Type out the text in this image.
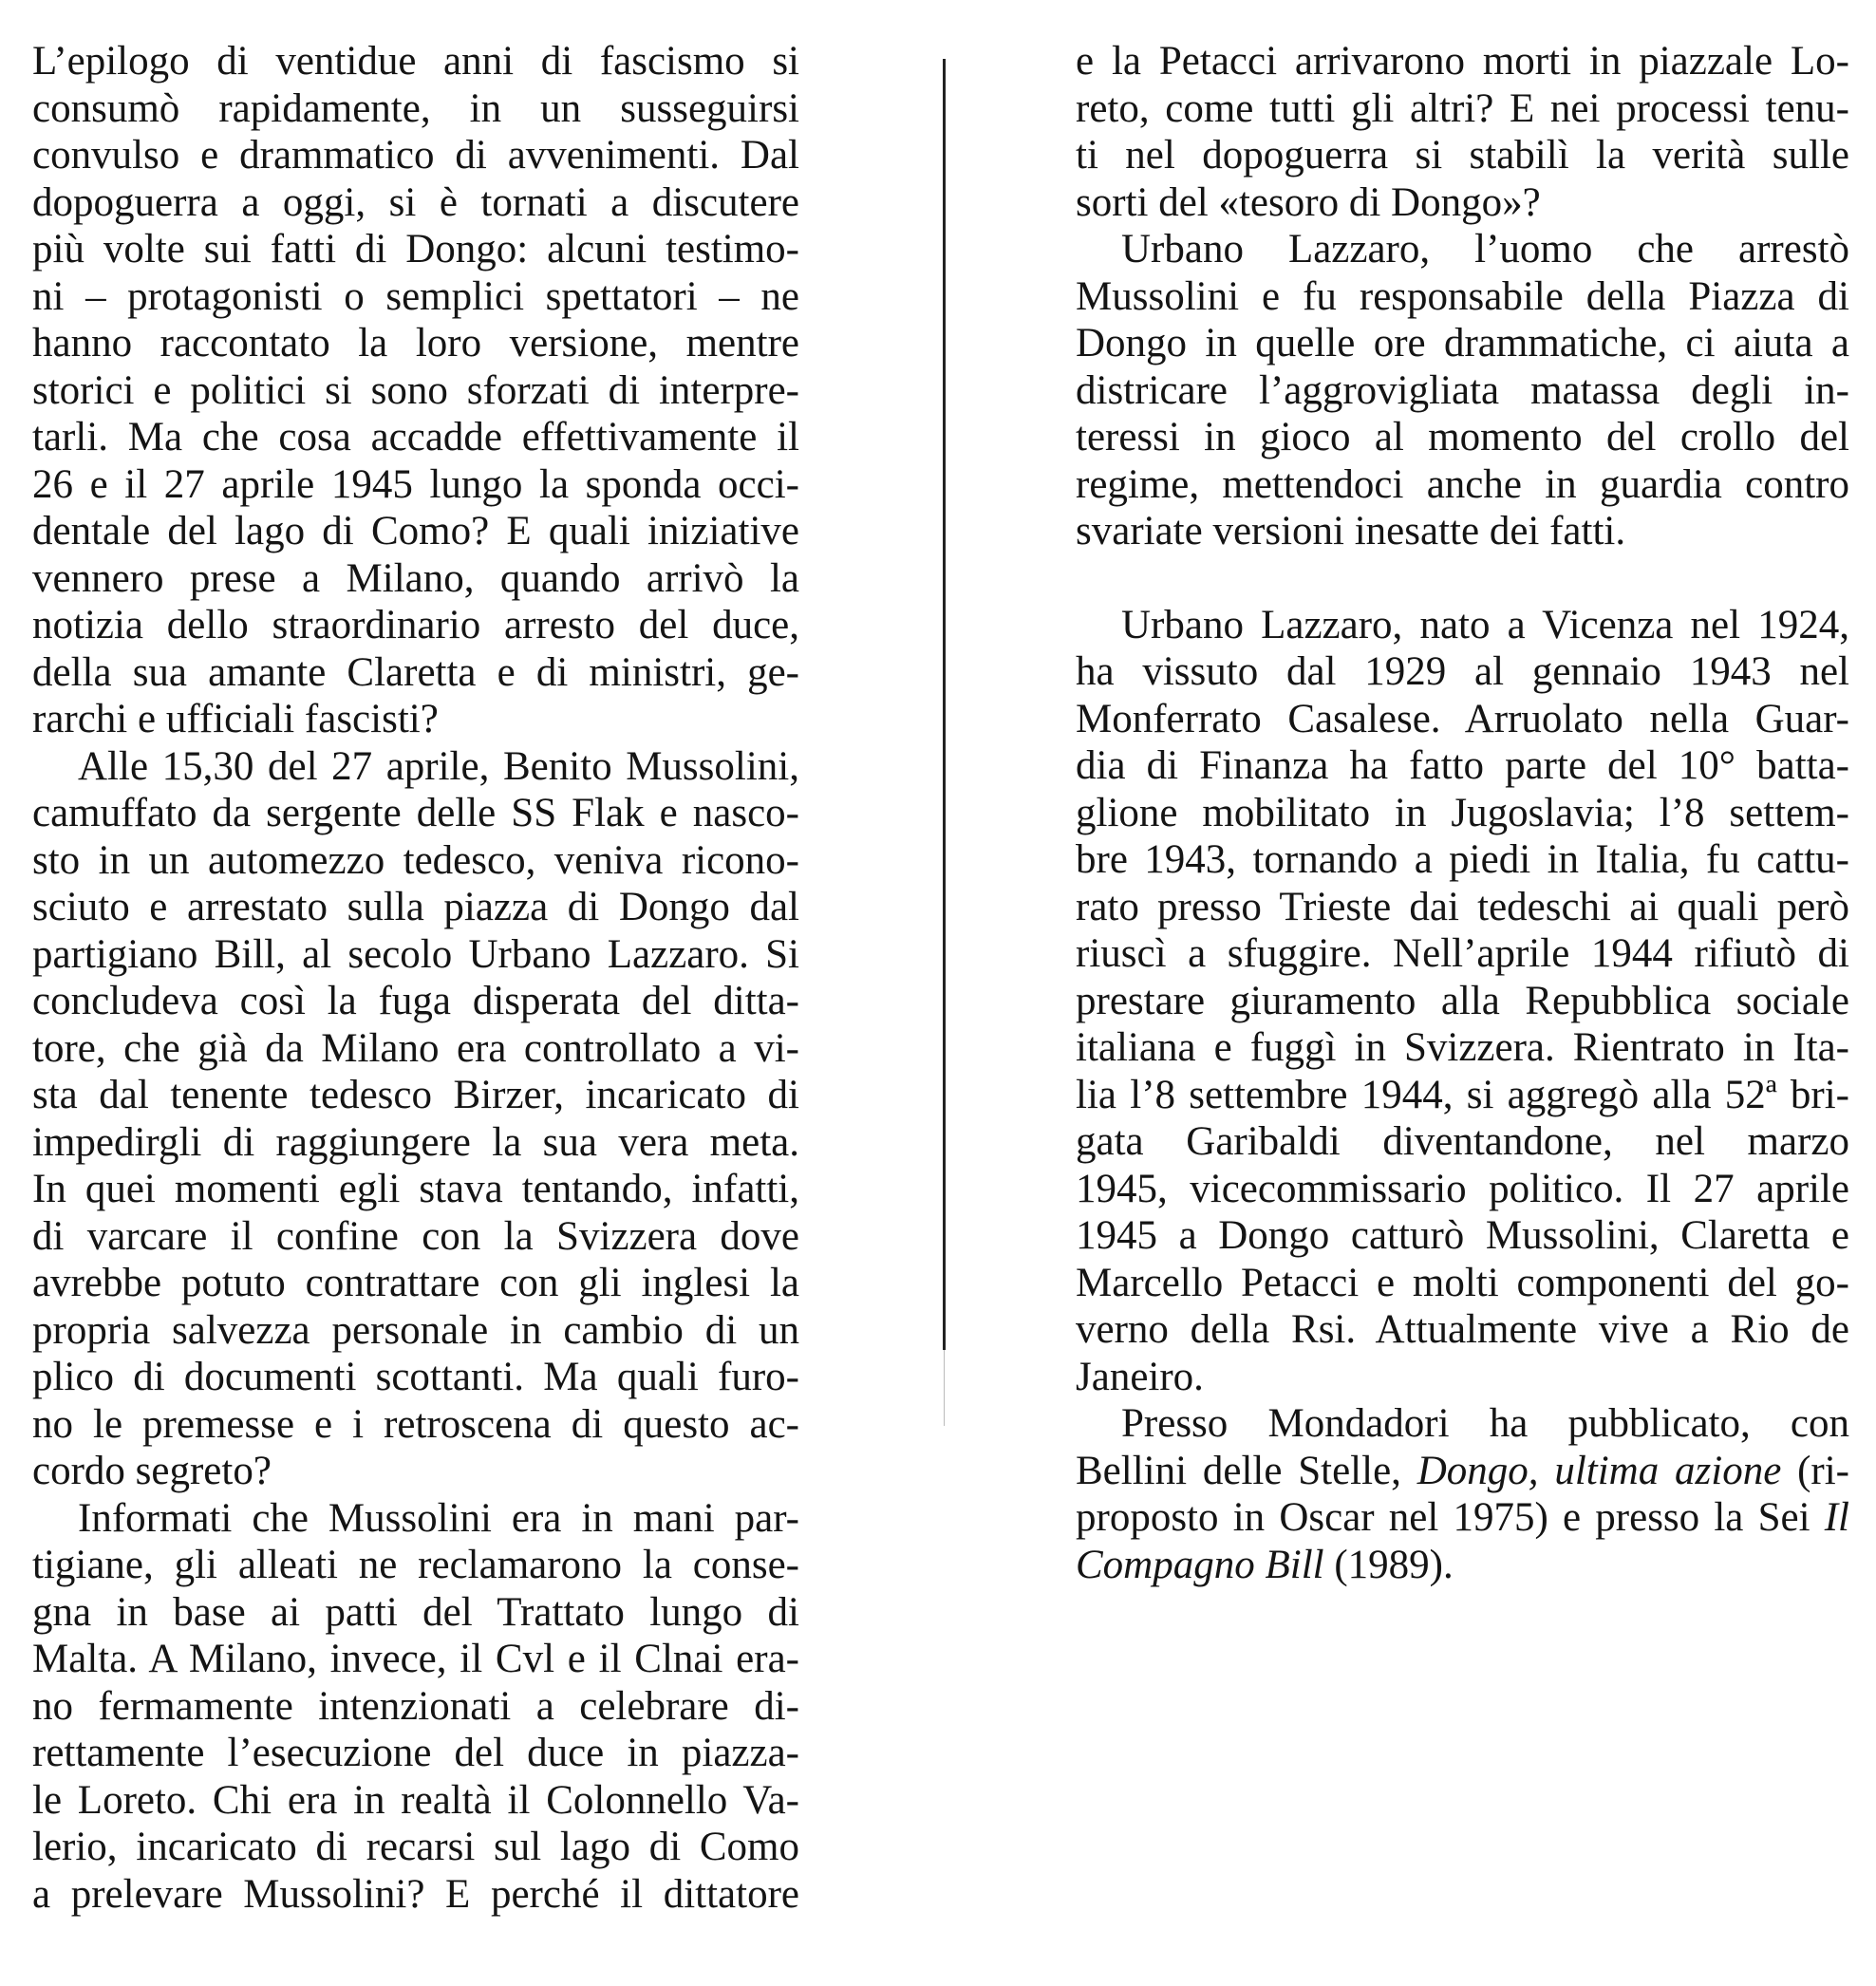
L’epilogo di ventidue anni di fascismo si
consumò rapidamente, in un susseguirsi
convulso e drammatico di avvenimenti. Dal
dopoguerra a oggi, si è tornati a discutere
più volte sui fatti di Dongo: alcuni testimo-
ni – protagonisti o semplici spettatori – ne
hanno raccontato la loro versione, mentre
storici e politici si sono sforzati di interpre-
tarli. Ma che cosa accadde effettivamente il
26 e il 27 aprile 1945 lungo la sponda occi-
dentale del lago di Como? E quali iniziative
vennero prese a Milano, quando arrivò la
notizia dello straordinario arresto del duce,
della sua amante Claretta e di ministri, ge-
rarchi e ufficiali fascisti?
Alle 15,30 del 27 aprile, Benito Mussolini,
camuffato da sergente delle SS Flak e nasco-
sto in un automezzo tedesco, veniva ricono-
sciuto e arrestato sulla piazza di Dongo dal
partigiano Bill, al secolo Urbano Lazzaro. Si
concludeva così la fuga disperata del ditta-
tore, che già da Milano era controllato a vi-
sta dal tenente tedesco Birzer, incaricato di
impedirgli di raggiungere la sua vera meta.
In quei momenti egli stava tentando, infatti,
di varcare il confine con la Svizzera dove
avrebbe potuto contrattare con gli inglesi la
propria salvezza personale in cambio di un
plico di documenti scottanti. Ma quali furo-
no le premesse e i retroscena di questo ac-
cordo segreto?
Informati che Mussolini era in mani par-
tigiane, gli alleati ne reclamarono la conse-
gna in base ai patti del Trattato lungo di
Malta. A Milano, invece, il Cvl e il Clnai era-
no fermamente intenzionati a celebrare di-
rettamente l’esecuzione del duce in piazza-
le Loreto. Chi era in realtà il Colonnello Va-
lerio, incaricato di recarsi sul lago di Como
a prelevare Mussolini? E perché il dittatore
e la Petacci arrivarono morti in piazzale Lo-
reto, come tutti gli altri? E nei processi tenu-
ti nel dopoguerra si stabilì la verità sulle
sorti del «tesoro di Dongo»?
Urbano Lazzaro, l’uomo che arrestò
Mussolini e fu responsabile della Piazza di
Dongo in quelle ore drammatiche, ci aiuta a
districare l’aggrovigliata matassa degli in-
teressi in gioco al momento del crollo del
regime, mettendoci anche in guardia contro
svariate versioni inesatte dei fatti.
Urbano Lazzaro, nato a Vicenza nel 1924,
ha vissuto dal 1929 al gennaio 1943 nel
Monferrato Casalese. Arruolato nella Guar-
dia di Finanza ha fatto parte del 10° batta-
glione mobilitato in Jugoslavia; l’8 settem-
bre 1943, tornando a piedi in Italia, fu cattu-
rato presso Trieste dai tedeschi ai quali però
riuscì a sfuggire. Nell’aprile 1944 rifiutò di
prestare giuramento alla Repubblica sociale
italiana e fuggì in Svizzera. Rientrato in Ita-
lia l’8 settembre 1944, si aggregò alla 52ª bri-
gata Garibaldi diventandone, nel marzo
1945, vicecommissario politico. Il 27 aprile
1945 a Dongo catturò Mussolini, Claretta e
Marcello Petacci e molti componenti del go-
verno della Rsi. Attualmente vive a Rio de
Janeiro.
Presso Mondadori ha pubblicato, con
Bellini delle Stelle, Dongo, ultima azione (ri-
proposto in Oscar nel 1975) e presso la Sei Il
Compagno Bill (1989).
